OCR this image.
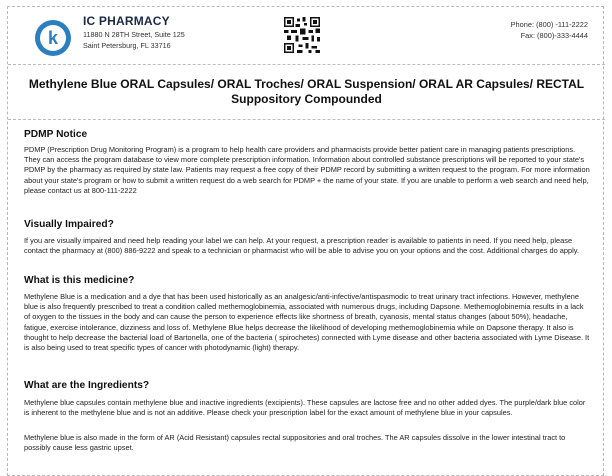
k
IC PHARMACY
11880 N 28TH Street, Suite 125
Saint Petersburg, FL 33716
Phone: (800) -111-2222
Fax: (800)-333-4444
Methylene Blue ORAL Capsules/ ORAL Troches/ ORAL Suspension/ ORAL AR Capsules/ RECTAL Suppository Compounded
PDMP Notice

PDMP (Prescription Drug Monitoring Program) is a program to help health care providers and pharmacists provide better patient care in managing patients prescriptions. They can access the program database to view more complete prescription information. Information about controlled substance prescriptions will be reported to your state's PDMP by the pharmacy as required by state law. Patients may request a free copy of their PDMP record by submitting a written request to the program. For more information about your state's program or how to submit a written request do a web search for PDMP + the name of your state. If you are unable to perform a web search and need help, please contact us at 800-111-2222

Visually Impaired?

If you are visually impaired and need help reading your label we can help. At your request, a prescription reader is available to patients in need. If you need help, please contact the pharmacy at (800) 886-9222 and speak to a technician or pharmacist who will be able to advise you on your options and the cost. Additional charges do apply.

What is this medicine?

Methylene Blue is a medication and a dye that has been used historically as an analgesic/anti-infective/antispasmodic to treat urinary tract infections. However, methylene blue is also frequently prescribed to treat a condition called methemoglobinemia, associated with numerous drugs, including Dapsone. Methemoglobinemia results in a lack of oxygen to the tissues in the body and can cause the person to experience effects like shortness of breath, cyanosis, mental status changes (about 50%), headache, fatigue, exercise intolerance, dizziness and loss of. Methylene Blue helps decrease the likelihood of developing methemoglobinemia while on Dapsone therapy. It also is thought to help decrease the bacterial load of Bartonella, one of the bacteria ( spirochetes) connected with Lyme disease and other bacteria associated with Lyme Disease. It is also being used to treat specific types of cancer with photodynamic (light) therapy.

What are the Ingredients?

Methylene blue capsules contain methylene blue and inactive ingredients (excipients). These capsules are lactose free and no other added dyes. The purple/dark blue color is inherent to the methylene blue and is not an additive. Please check your prescription label for the exact amount of methylene blue in your capsules.

Methylene blue is also made in the form of AR (Acid Resistant) capsules rectal suppositories and oral troches. The AR capsules dissolve in the lower intestinal tract to possibly cause less gastric upset.
